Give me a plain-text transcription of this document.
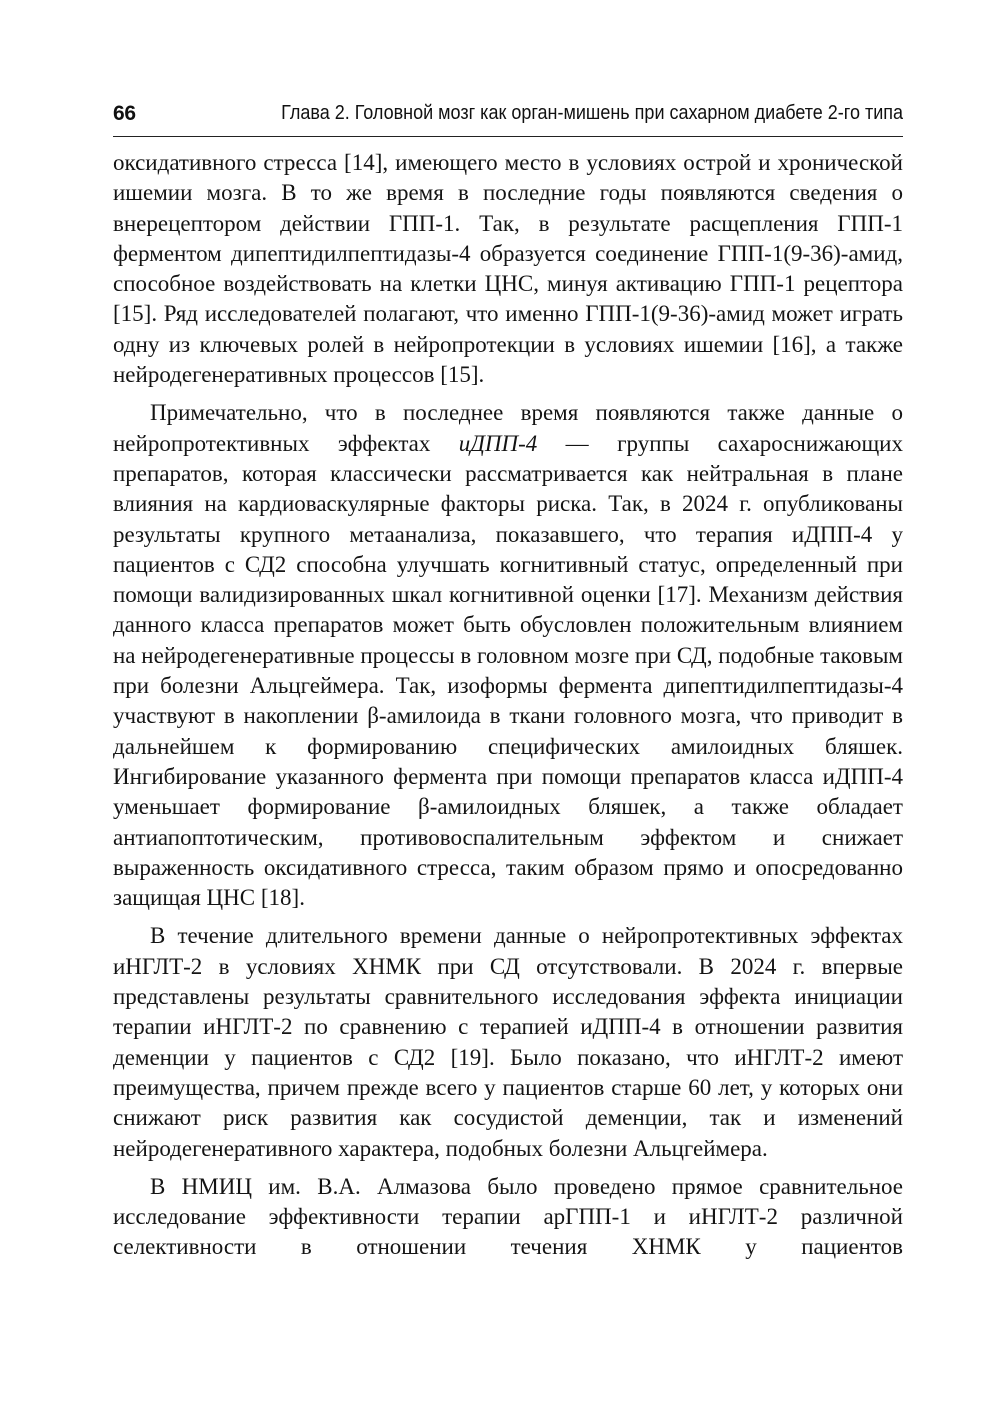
66	Глава 2. Головной мозг как орган-мишень при сахарном диабете 2-го типа

оксидативного стресса [14], имеющего место в условиях острой и хронической ишемии мозга. В то же время в последние годы появляются сведения о внерецептором действии ГПП-1. Так, в результате расщепления ГПП-1 ферментом дипептидилпептидазы-4 образуется соединение ГПП-1(9-36)-амид, способное воздействовать на клетки ЦНС, минуя активацию ГПП-1 рецептора [15]. Ряд исследователей полагают, что именно ГПП-1(9-36)-амид может играть одну из ключевых ролей в нейропротекции в условиях ишемии [16], а также нейродегенеративных процессов [15].

Примечательно, что в последнее время появляются также данные о нейропротективных эффектах иДПП-4 — группы сахароснижающих препаратов, которая классически рассматривается как нейтральная в плане влияния на кардиоваскулярные факторы риска. Так, в 2024 г. опубликованы результаты крупного метаанализа, показавшего, что терапия иДПП-4 у пациентов с СД2 способна улучшать когнитивный статус, определенный при помощи валидизированных шкал когнитивной оценки [17]. Механизм действия данного класса препаратов может быть обусловлен положительным влиянием на нейродегенеративные процессы в головном мозге при СД, подобные таковым при болезни Альцгеймера. Так, изоформы фермента дипептидилпептидазы-4 участвуют в накоплении β-амилоида в ткани головного мозга, что приводит в дальнейшем к формированию специфических амилоидных бляшек. Ингибирование указанного фермента при помощи препаратов класса иДПП-4 уменьшает формирование β-амилоидных бляшек, а также обладает антиапоптотическим, противовоспалительным эффектом и снижает выраженность оксидативного стресса, таким образом прямо и опосредованно защищая ЦНС [18].

В течение длительного времени данные о нейропротективных эффектах иНГЛТ-2 в условиях ХНМК при СД отсутствовали. В 2024 г. впервые представлены результаты сравнительного исследования эффекта инициации терапии иНГЛТ-2 по сравнению с терапией иДПП-4 в отношении развития деменции у пациентов с СД2 [19]. Было показано, что иНГЛТ-2 имеют преимущества, причем прежде всего у пациентов старше 60 лет, у которых они снижают риск развития как сосудистой деменции, так и изменений нейродегенеративного характера, подобных болезни Альцгеймера.

В НМИЦ им. В.А. Алмазова было проведено прямое сравнительное исследование эффективности терапии арГПП-1 и иНГЛТ-2 различной селективности в отношении течения ХНМК у пациентов
